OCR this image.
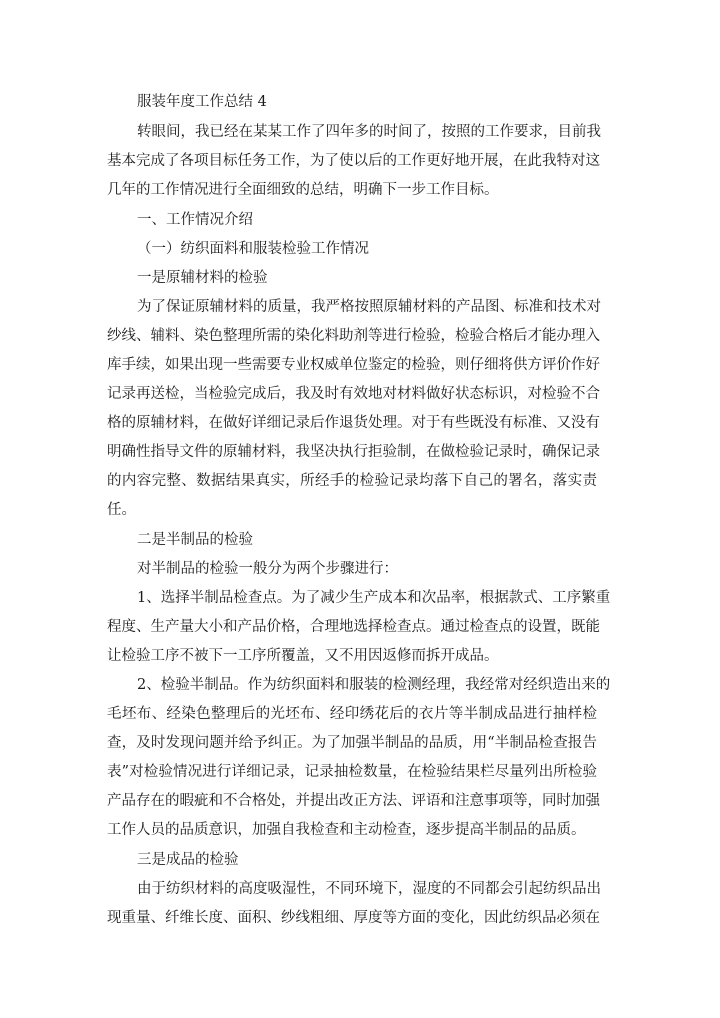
服装年度工作总结 4
转眼间，我已经在某某工作了四年多的时间了，按照的工作要求，目前我
基本完成了各项目标任务工作，为了使以后的工作更好地开展，在此我特对这
几年的工作情况进行全面细致的总结，明确下一步工作目标。
一、工作情况介绍
（一）纺织面料和服装检验工作情况
一是原辅材料的检验
为了保证原辅材料的质量，我严格按照原辅材料的产品图、标准和技术对
纱线、辅料、染色整理所需的染化料助剂等进行检验，检验合格后才能办理入
库手续，如果出现一些需要专业权威单位鉴定的检验，则仔细将供方评价作好
记录再送检，当检验完成后，我及时有效地对材料做好状态标识，对检验不合
格的原辅材料，在做好详细记录后作退货处理。对于有些既没有标准、又没有
明确性指导文件的原辅材料，我坚决执行拒验制，在做检验记录时，确保记录
的内容完整、数据结果真实，所经手的检验记录均落下自己的署名，落实责
任。
二是半制品的检验
对半制品的检验一般分为两个步骤进行：
1、选择半制品检查点。为了减少生产成本和次品率，根据款式、工序繁重
程度、生产量大小和产品价格，合理地选择检查点。通过检查点的设置，既能
让检验工序不被下一工序所覆盖，又不用因返修而拆开成品。
2、检验半制品。作为纺织面料和服装的检测经理，我经常对经织造出来的
毛坯布、经染色整理后的光坯布、经印绣花后的衣片等半制成品进行抽样检
查，及时发现问题并给予纠正。为了加强半制品的品质，用“半制品检查报告
表”对检验情况进行详细记录，记录抽检数量，在检验结果栏尽量列出所检验
产品存在的暇疵和不合格处，并提出改正方法、评语和注意事项等，同时加强
工作人员的品质意识，加强自我检查和主动检查，逐步提高半制品的品质。
三是成品的检验
由于纺织材料的高度吸湿性，不同环境下，湿度的不同都会引起纺织品出
现重量、纤维长度、面积、纱线粗细、厚度等方面的变化，因此纺织品必须在
